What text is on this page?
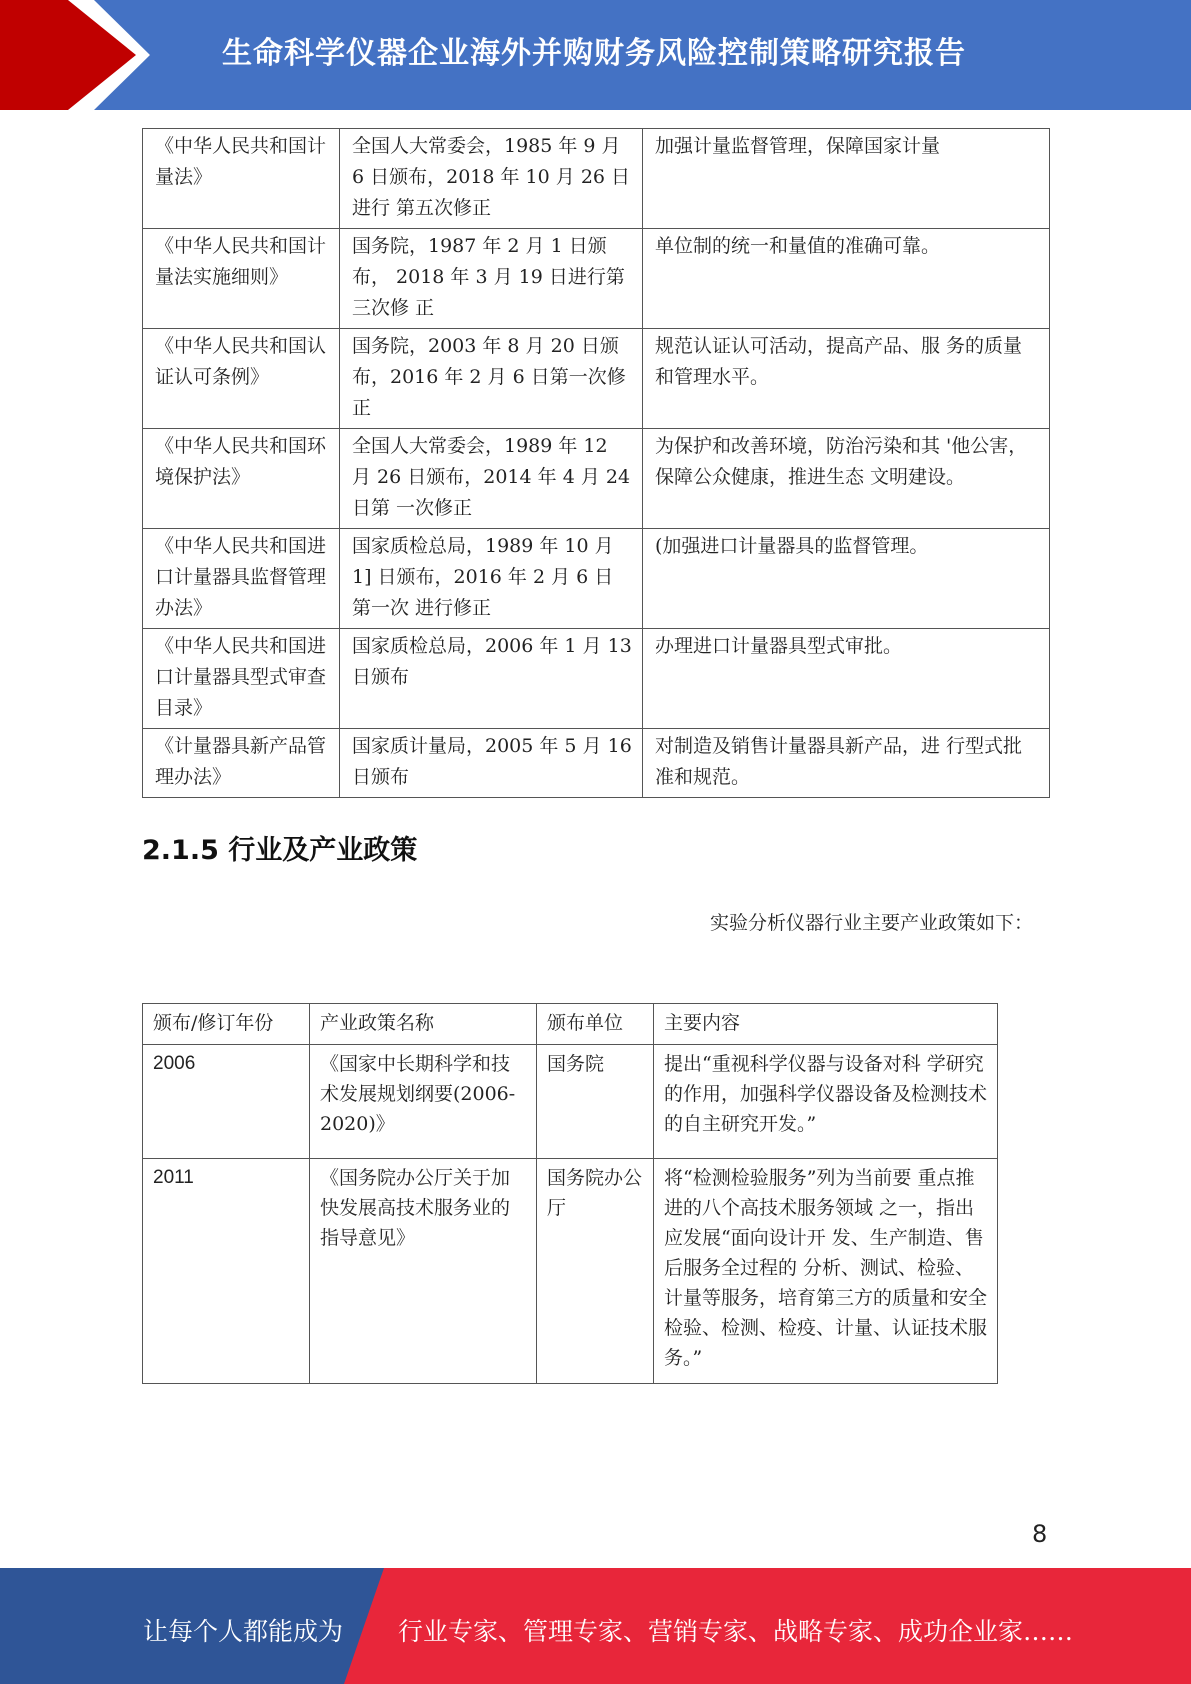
生命科学仪器企业海外并购财务风险控制策略研究报告
《中华人民共和国计 量法》	全国人大常委会，1985 年 9 月 6 日颁布，2018 年 10 月 26 日进行 第五次修正	加强计量监督管理，保障国家计量
《中华人民共和国计 量法实施细则》	国务院，1987 年 2 月 1 日颁布， 2018 年 3 月 19 日进行第三次修 正	单位制的统一和量值的准确可靠。
《中华人民共和国认 证认可条例》	国务院，2003 年 8 月 20 日颁布，2016 年 2 月 6 日第一次修正	规范认证认可活动，提高产品、服 务的质量和管理水平。
《中华人民共和国环 境保护法》	全国人大常委会，1989 年 12 月 26 日颁布，2014 年 4 月 24 日第 一次修正	为保护和改善环境，防治污染和其 '他公害，保障公众健康，推进生态 文明建设。
《中华人民共和国进 口计量器具监督管理 办法》	国家质检总局，1989 年 10 月 1] 日颁布，2016 年 2 月 6 日第一次 进行修正	(加强进口计量器具的监督管理。
《中华人民共和国进 口计量器具型式审查 目录》	国家质检总局，2006 年 1 月 13 日颁布	办理进口计量器具型式审批。
《计量器具新产品管 理办法》	国家质计量局，2005 年 5 月 16 日颁布	对制造及销售计量器具新产品，进 行型式批准和规范。
2.1.5 行业及产业政策
实验分析仪器行业主要产业政策如下：
颁布/修订年份	产业政策名称	颁布单位	主要内容
2006	《国家中长期科学和技术发展规划纲要(2006-2020)》	国务院	提出“重视科学仪器与设备对科 学研究的作用，加强科学仪器设备及检测技术的自主研究开发。”
2011	《国务院办公厅关于加快发展高技术服务业的指导意见》	国务院办公厅	将“检测检验服务”列为当前要 重点推进的八个高技术服务领域 之一，指出应发展“面向设计开 发、生产制造、售后服务全过程的 分析、测试、检验、计量等服务，培育第三方的质量和安全检验、检测、检疫、计量、认证技术服务。”
8
让每个人都能成为 行业专家、管理专家、营销专家、战略专家、成功企业家……
